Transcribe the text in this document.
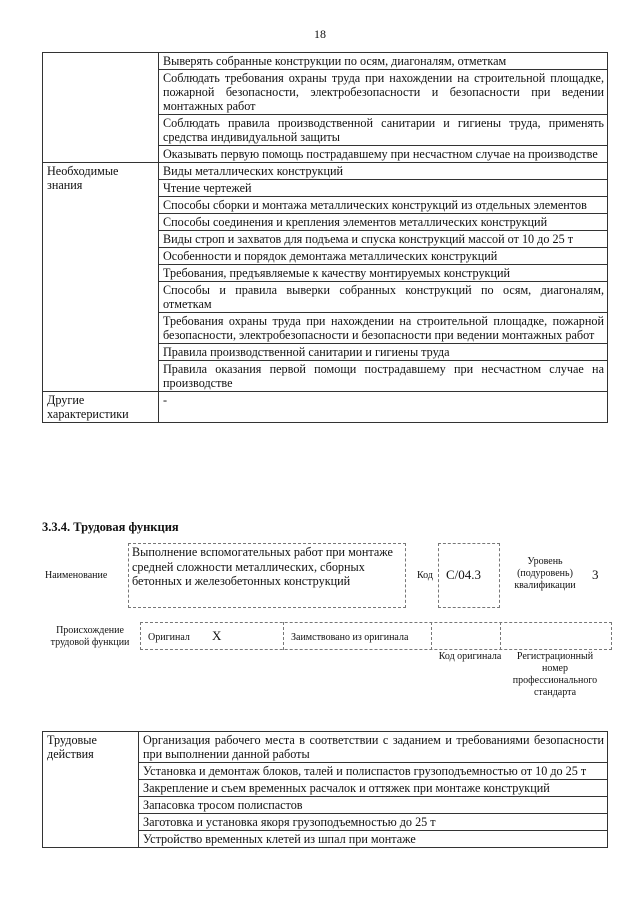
18
	Выверять собранные конструкции по осям, диагоналям, отметкам
	Соблюдать требования охраны труда при нахождении на строительной площадке, пожарной безопасности, электробезопасности и безопасности при ведении монтажных работ
	Соблюдать правила производственной санитарии и гигиены труда, применять средства индивидуальной защиты
	Оказывать первую помощь пострадавшему при несчастном случае на производстве
Необходимые знания	Виды металлических конструкций
	Чтение чертежей
	Способы сборки и монтажа металлических конструкций из отдельных элементов
	Способы соединения и крепления элементов металлических конструкций
	Виды строп и захватов для подъема и спуска конструкций массой от 10 до 25 т
	Особенности и порядок демонтажа металлических конструкций
	Требования, предъявляемые к качеству монтируемых конструкций
	Способы и правила выверки собранных конструкций по осям, диагоналям, отметкам
	Требования охраны труда при нахождении на строительной площадке, пожарной безопасности, электробезопасности и безопасности при ведении монтажных работ
	Правила производственной санитарии и гигиены труда
	Правила оказания первой помощи пострадавшему при несчастном случае на производстве
Другие характеристики	-
3.3.4. Трудовая функция
Наименование
Выполнение вспомогательных работ при монтаже средней сложности металлических, сборных бетонных и железобетонных конструкций	Код C/04.3
Уровень (подуровень) квалификации
3
Происхождение трудовой функции	Оригинал X	Заимствовано из оригинала
Код оригинала	Регистрационный номер профессионального стандарта
Трудовые действия	Организация рабочего места в соответствии с заданием и требованиями безопасности при выполнении данной работы
Установка и демонтаж блоков, талей и полиспастов грузоподъемностью от 10 до 25 т
Закрепление и съем временных расчалок и оттяжек при монтаже конструкций
Запасовка тросом полиспастов
Заготовка и установка якоря грузоподъемностью до 25 т
Устройство временных клетей из шпал при монтаже
